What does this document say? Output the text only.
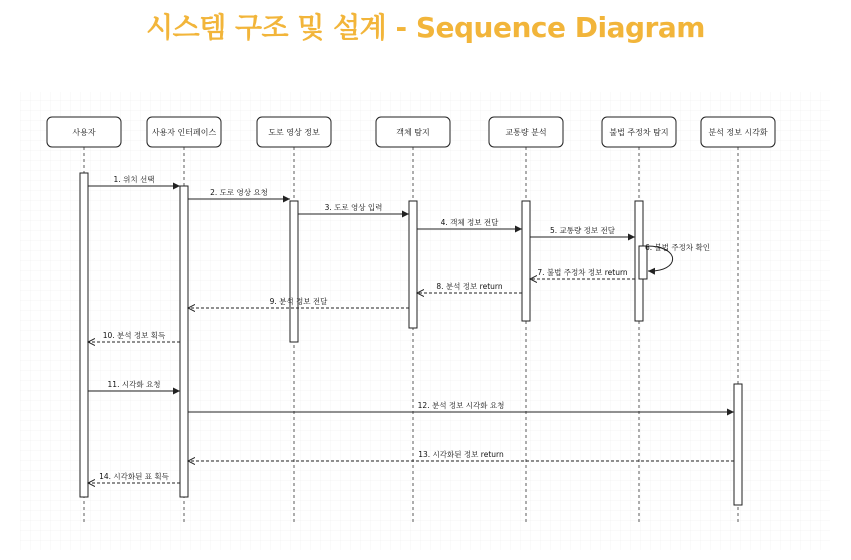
시스템 구조 및 설계 - Sequence Diagram
사용자	사용자 인터페이스	도로 영상 정보	객체 탐지	교통량 분석	불법 주정차 탐지	분석 정보 시각화
1. 위치 선택
2. 도로 영상 요청
3. 도로 영상 입력
4. 객체 정보 전달
5. 교통량 정보 전달
6. 불법 주정차 확인
7. 불법 주정차 정보 return
8. 분석 정보 return
9. 분석 정보 전달
10. 분석 정보 획득
11. 시각화 요청
12. 분석 정보 시각화 요청
13. 시각화된 정보 return
14. 시각화된 표 획득
